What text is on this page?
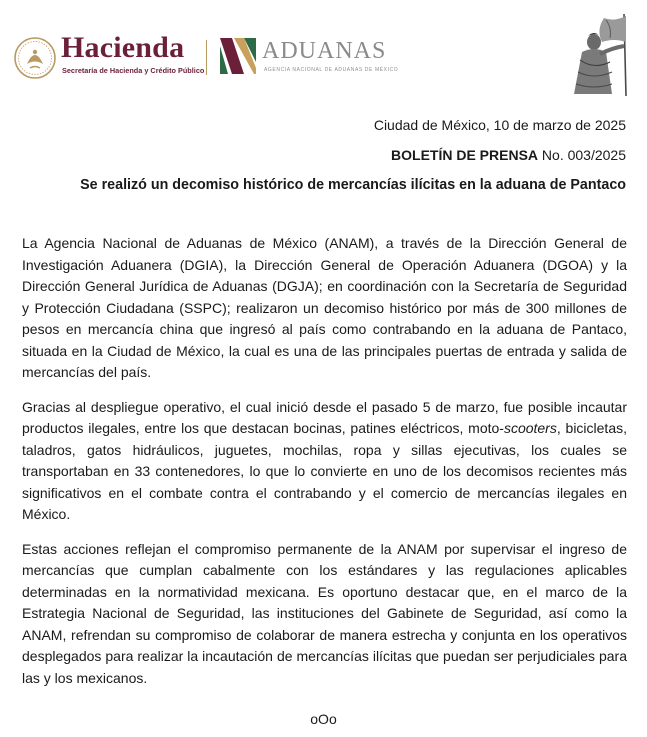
Hacienda
Secretaría de Hacienda y Crédito Público
ADUANAS
AGENCIA NACIONAL DE ADUANAS DE MÉXICO
Ciudad de México, 10 de marzo de 2025
BOLETÍN DE PRENSA No. 003/2025
Se realizó un decomiso histórico de mercancías ilícitas en la aduana de Pantaco

La Agencia Nacional de Aduanas de México (ANAM), a través de la Dirección General de Investigación Aduanera (DGIA), la Dirección General de Operación Aduanera (DGOA) y la Dirección General Jurídica de Aduanas (DGJA); en coordinación con la Secretaría de Seguridad y Protección Ciudadana (SSPC); realizaron un decomiso histórico por más de 300 millones de pesos en mercancía china que ingresó al país como contrabando en la aduana de Pantaco, situada en la Ciudad de México, la cual es una de las principales puertas de entrada y salida de mercancías del país.

Gracias al despliegue operativo, el cual inició desde el pasado 5 de marzo, fue posible incautar productos ilegales, entre los que destacan bocinas, patines eléctricos, moto-scooters, bicicletas, taladros, gatos hidráulicos, juguetes, mochilas, ropa y sillas ejecutivas, los cuales se transportaban en 33 contenedores, lo que lo convierte en uno de los decomisos recientes más significativos en el combate contra el contrabando y el comercio de mercancías ilegales en México.

Estas acciones reflejan el compromiso permanente de la ANAM por supervisar el ingreso de mercancías que cumplan cabalmente con los estándares y las regulaciones aplicables determinadas en la normatividad mexicana. Es oportuno destacar que, en el marco de la Estrategia Nacional de Seguridad, las instituciones del Gabinete de Seguridad, así como la ANAM, refrendan su compromiso de colaborar de manera estrecha y conjunta en los operativos desplegados para realizar la incautación de mercancías ilícitas que puedan ser perjudiciales para las y los mexicanos.

oOo
